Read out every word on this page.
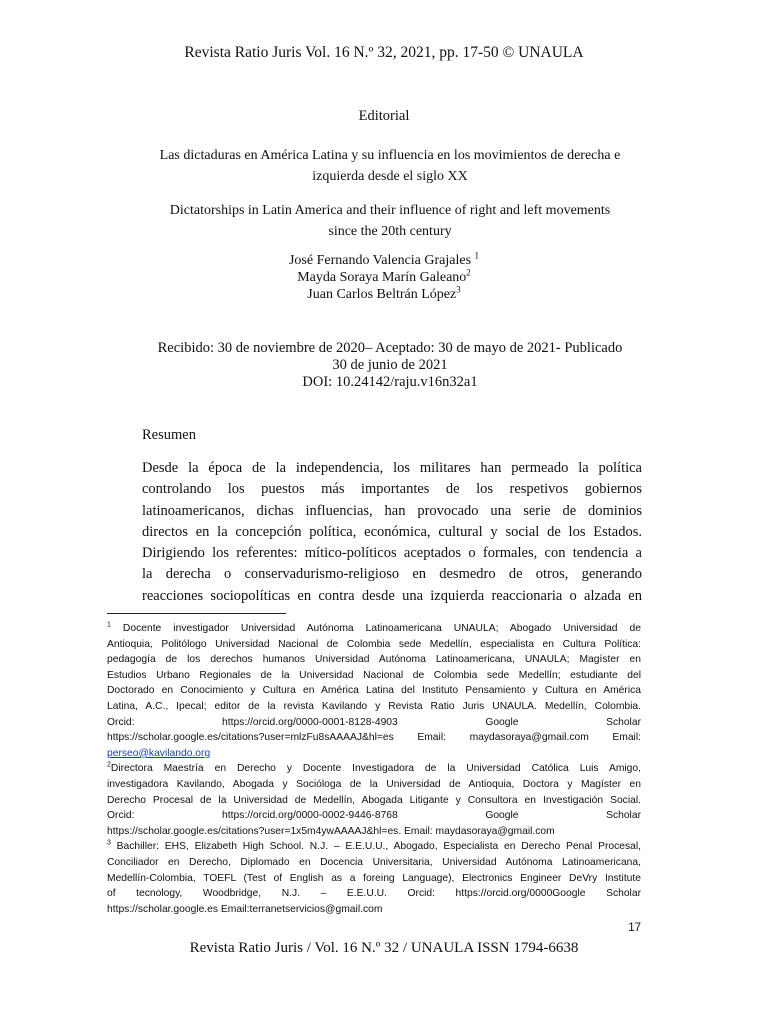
Revista Ratio Juris Vol. 16 N.º 32, 2021, pp. 17-50 © UNAULA
Editorial
Las dictaduras en América Latina y su influencia en los movimientos de derecha e
izquierda desde el siglo XX
Dictatorships in Latin America and their influence of right and left movements
since the 20th century
José Fernando Valencia Grajales $^1$
Mayda Soraya Marín Galeano$^2$
Juan Carlos Beltrán López$^3$
Recibido: 30 de noviembre de 2020– Aceptado: 30 de mayo de 2021- Publicado
30 de junio de 2021
DOI: 10.24142/raju.v16n32a1
Resumen
Desde la época de la independencia, los militares han permeado la política
controlando los puestos más importantes de los respetivos gobiernos
latinoamericanos, dichas influencias, han provocado una serie de dominios
directos en la concepción política, económica, cultural y social de los Estados.
Dirigiendo los referentes: mítico-políticos aceptados o formales, con tendencia a
la derecha o conservadurismo-religioso en desmedro de otros, generando
reacciones sociopolíticas en contra desde una izquierda reaccionaria o alzada en
$^1$ Docente investigador Universidad Autónoma Latinoamericana UNAULA; Abogado Universidad de
Antioquia, Politólogo Universidad Nacional de Colombia sede Medellín, especialista en Cultura Política:
pedagogía de los derechos humanos Universidad Autónoma Latinoamericana, UNAULA; Magíster en
Estudios Urbano Regionales de la Universidad Nacional de Colombia sede Medellín; estudiante del
Doctorado en Conocimiento y Cultura en América Latina del Instituto Pensamiento y Cultura en América
Latina, A.C., Ipecal; editor de la revista Kavilando y Revista Ratio Juris UNAULA. Medellín, Colombia.
Orcid: https://orcid.org/0000-0001-8128-4903 Google Scholar
https://scholar.google.es/citations?user=mlzFu8sAAAAJ&hl=es Email: maydasoraya@gmail.com Email:
perseo@kavilando.org
$^2$Directora Maestría en Derecho y Docente Investigadora de la Universidad Católica Luis Amigo,
investigadora Kavilando, Abogada y Socióloga de la Universidad de Antioquia, Doctora y Magíster en
Derecho Procesal de la Universidad de Medellín, Abogada Litigante y Consultora en Investigación Social.
Orcid: https://orcid.org/0000-0002-9446-8768 Google Scholar
https://scholar.google.es/citations?user=1x5m4ywAAAAJ&hl=es. Email: maydasoraya@gmail.com
$^3$ Bachiller: EHS, Elizabeth High School. N.J. – E.E.U.U., Abogado, Especialista en Derecho Penal Procesal,
Conciliador en Derecho, Diplomado en Docencia Universitaria, Universidad Autónoma Latinoamericana,
Medellín-Colombia, TOEFL (Test of English as a foreing Language), Electronics Engineer DeVry Institute
of tecnology, Woodbridge, N.J. – E.E.U.U. Orcid: https://orcid.org/0000Google Scholar
https://scholar.google.es Email:terranetservicios@gmail.com
17
Revista Ratio Juris / Vol. 16 N.º 32 / UNAULA ISSN 1794-6638
